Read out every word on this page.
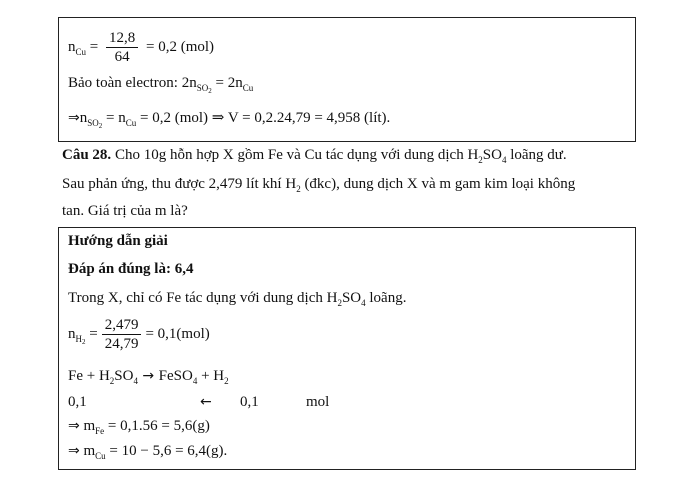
$n_{Cu} = \frac{12,8}{64} = 0,2$ (mol)
Bảo toàn electron: $2n_{SO_2} = 2n_{Cu}$
$\Rightarrow n_{SO_2} = n_{Cu} = 0,2$ (mol) ⇒ V = 0,2.24,79 = 4,958 (lít).
Câu 28. Cho 10g hỗn hợp X gồm Fe và Cu tác dụng với dung dịch $H_2SO_4$ loãng dư.
Sau phản ứng, thu được 2,479 lít khí $H_2$ (đkc), dung dịch X và m gam kim loại không
tan. Giá trị của m là?
Hướng dẫn giải
Đáp án đúng là: 6,4
Trong X, chỉ có Fe tác dụng với dung dịch $H_2SO_4$ loãng.
$n_{H_2} = \frac{2,479}{24,79} = 0,1(mol)$
$Fe + H_2SO_4$ → FeSO$_4$ + $H_2$
0,1	← 0,1	mol
⇒ $m_{Fe} = 0,1.56 = 5,6(g)$
⇒ $m_{Cu} = 10 - 5,6 = 6,4(g)$.
